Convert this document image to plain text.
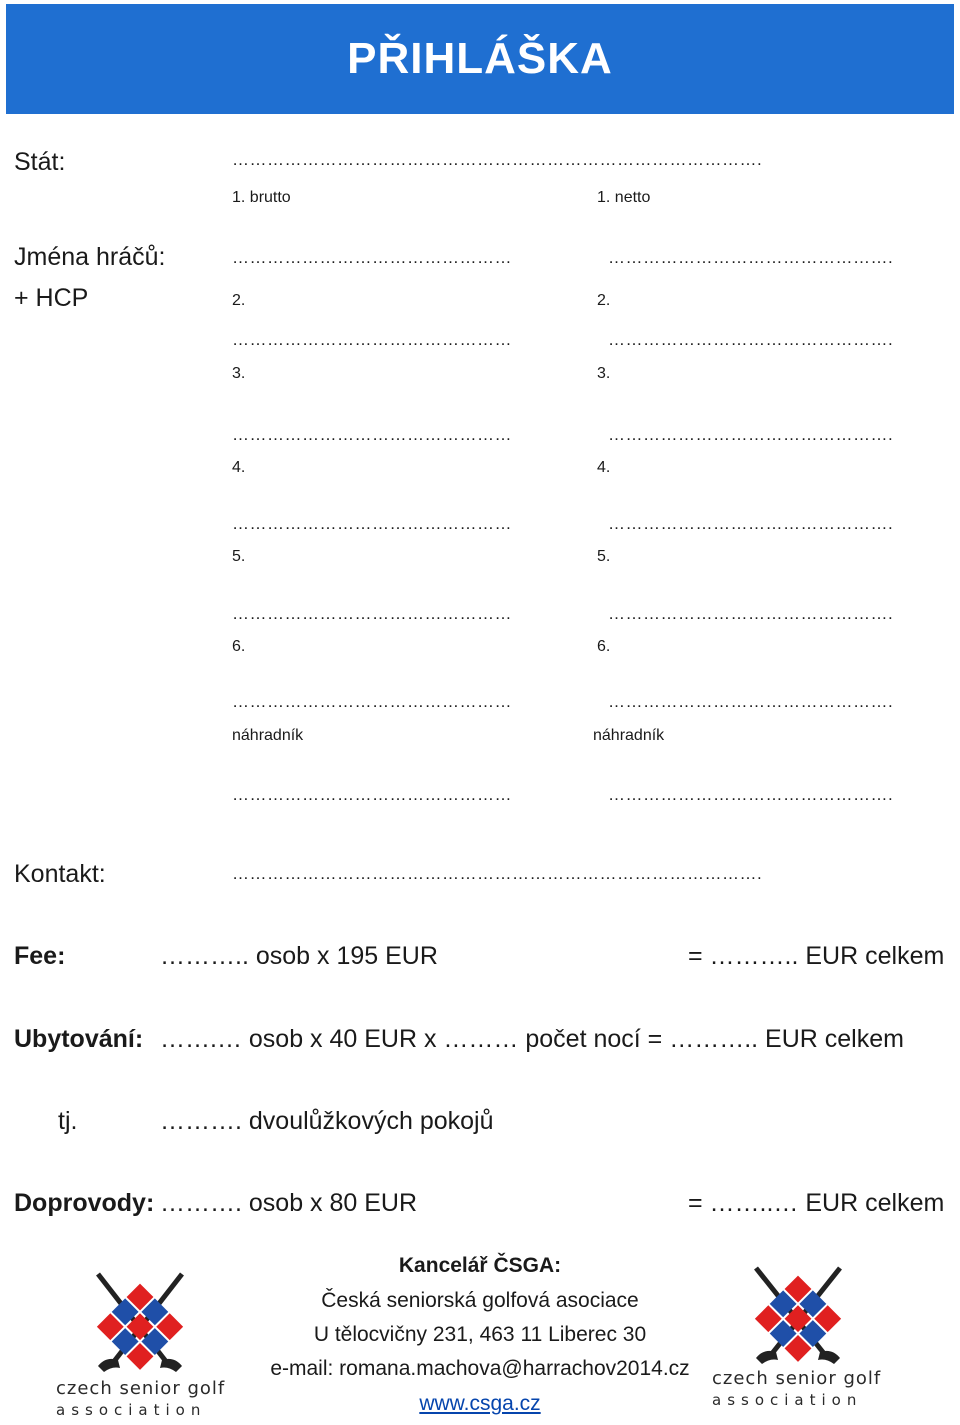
PŘIHLÁŠKA
Stát:	……………………………………………………………………………….
1. brutto	1. netto
Jména hráčů:
+ HCP
…………………………………………	………………………………………….
2.	2.
…………………………………………	………………………………………….
3.	3.
…………………………………………	………………………………………….
4.	4.
…………………………………………	………………………………………….
5.	5.
…………………………………………	………………………………………….
6.	6.
…………………………………………	………………………………………….
náhradník	náhradník
…………………………………………	………………………………………….
Kontakt:	……………………………………………………………………………….
Fee:	……….. osob x 195 EUR	= ……….. EUR celkem
Ubytování: …….… osob x 40 EUR x ……… počet nocí = ……….. EUR celkem
tj.	………. dvoulůžkových pokojů
Doprovody: ………. osob x 80 EUR	= ……..… EUR celkem
Kancelář ČSGA:
Česká seniorská golfová asociace
U tělocvičny 231, 463 11 Liberec 30
e-mail: romana.machova@harrachov2014.cz
www.csga.cz
czech senior golf
association
czech senior golf
association
